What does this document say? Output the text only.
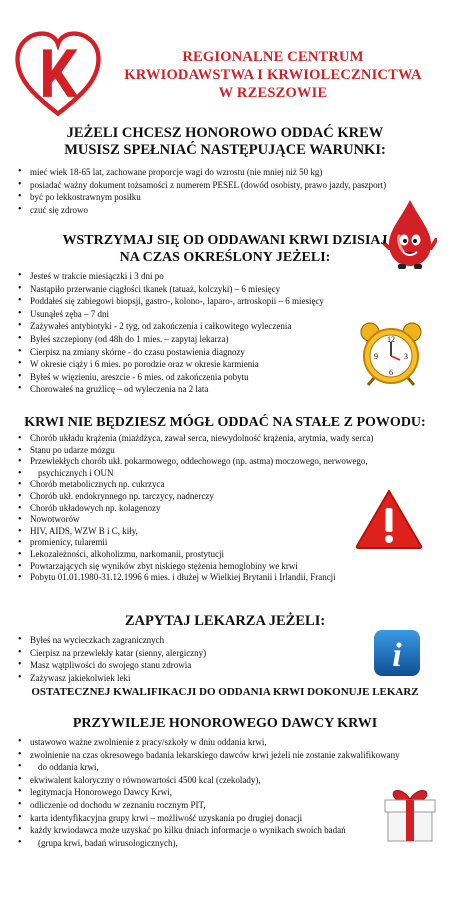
REGIONALNE CENTRUM
KRWIODAWSTWA I KRWIOLECZNICTWA
W RZESZOWIE
JEŻELI CHCESZ HONOROWO ODDAĆ KREW
MUSISZ SPEŁNIAĆ NASTĘPUJĄCE WARUNKI:
• mieć wiek 18-65 lat, zachowane proporcje wagi do wzrostu (nie mniej niż 50 kg)
• posiadać ważny dokument tożsamości z numerem PESEL (dowód osobisty, prawo jazdy, paszport)
• być po lekkostrawnym posiłku
• czuć się zdrowo
WSTRZYMAJ SIĘ OD ODDAWANI KRWI DZISIAJ
NA CZAS OKREŚLONY JEŻELI:
• Jesteś w trakcie miesiączki i 3 dni po
• Nastąpiło przerwanie ciągłości tkanek (tatuaż, kolczyki) – 6 miesięcy
• Poddałeś się zabiegowi biopsji, gastro-, kolono-, laparo-, artroskopii – 6 miesięcy
• Usunąłeś zęba – 7 dni
• Zażywałeś antybiotyki - 2 tyg. od zakończenia i całkowitego wyleczenia
• Byłeś szczepiony (od 48h do 1 mies. – zapytaj lekarza)
• Cierpisz na zmiany skórne - do czasu postawienia diagnozy
• W okresie ciąży i 6 mies. po porodzie oraz w okresie karmienia
• Byłeś w więzieniu, areszcie - 6 mies. od zakończenia pobytu
• Chorowałeś na grużlicę – od wyleczenia na 2 lata
12
9	3
6
KRWI NIE BĘDZIESZ MÓGŁ ODDAĆ NA STAŁE Z POWODU:
• Chorób układu krążenia (miażdżyca, zawał serca, niewydolność krążenia, arytmia, wady serca)
• Stanu po udarze mózgu
• Przewlekłych chorób ukł. pokarmowego, oddechowego (np. astma) moczowego, nerwowego,
• psychicznych i OUN
• Chorób metabolicznych np. cukrzyca
• Chorób ukł. endokrynnego np. tarczycy, nadnerczy
• Chorób układowych np. kolagenozy
• Nowotworów
• HIV, AIDS, WZW B i C, kiły,
• promienicy, tularemii
• Lekozależności, alkoholizmu, narkomanii, prostytucji
• Powtarzających się wyników zbyt niskiego stężenia hemoglobiny we krwi
• Pobytu 01.01.1980-31.12.1996 6 mies. i dłużej w Wielkiej Brytanii i Irlandii, Francji
ZAPYTAJ LEKARZA JEŻELI:
• Byłeś na wycieczkach zagranicznych
• Cierpisz na przewlekły katar (sienny, alergiczny)
• Masz wątpliwości do swojego stanu zdrowia
• Zażywasz jakiekolwiek leki
i
OSTATECZNEJ KWALIFIKACJI DO ODDANIA KRWI DOKONUJE LEKARZ
PRZYWILEJE HONOROWEGO DAWCY KRWI
• ustawowo ważne zwolnienie z pracy/szkoły w dniu oddania krwi,
• zwolnienie na czas okresowego badania lekarskiego dawców krwi jeżeli nie zostanie zakwalifikowany
• do oddania krwi,
• ekwiwalent kaloryczny o równowartości 4500 kcal (czekolady),
• legitymacja Honorowego Dawcy Krwi,
• odliczenie od dochodu w zeznaniu rocznym PIT,
• karta identyfikacyjna grupy krwi – możliwość uzyskania po drugiej donacji
• każdy krwiodawca może uzyskać po kilku dniach informacje o wynikach swoich badań
• (grupa krwi, badań wirusologicznych),
